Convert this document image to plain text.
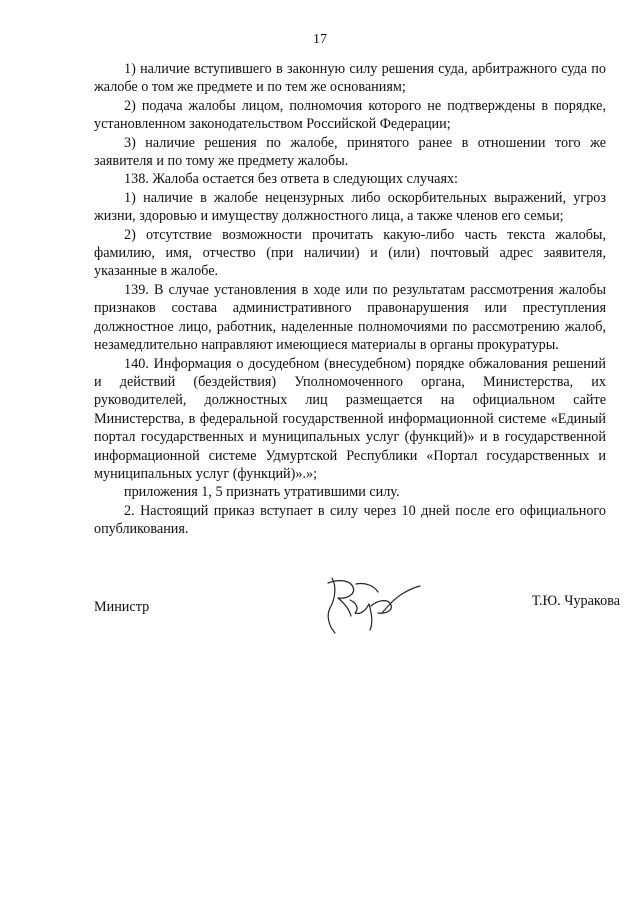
17

1) наличие вступившего в законную силу решения суда, арбитражного суда по жалобе о том же предмете и по тем же основаниям;

2) подача жалобы лицом, полномочия которого не подтверждены в порядке, установленном законодательством Российской Федерации;

3) наличие решения по жалобе, принятого ранее в отношении того же заявителя и по тому же предмету жалобы.

138. Жалоба остается без ответа в следующих случаях:

1) наличие в жалобе нецензурных либо оскорбительных выражений, угроз жизни, здоровью и имуществу должностного лица, а также членов его семьи;

2) отсутствие возможности прочитать какую-либо часть текста жалобы, фамилию, имя, отчество (при наличии) и (или) почтовый адрес заявителя, указанные в жалобе.

139. В случае установления в ходе или по результатам рассмотрения жалобы признаков состава административного правонарушения или преступления должностное лицо, работник, наделенные полномочиями по рассмотрению жалоб, незамедлительно направляют имеющиеся материалы в органы прокуратуры.

140. Информация о досудебном (внесудебном) порядке обжалования решений и действий (бездействия) Уполномоченного органа, Министерства, их руководителей, должностных лиц размещается на официальном сайте Министерства, в федеральной государственной информационной системе «Единый портал государственных и муниципальных услуг (функций)» и в государственной информационной системе Удмуртской Республики «Портал государственных и муниципальных услуг (функций)».»;

приложения 1, 5 признать утратившими силу.

2. Настоящий приказ вступает в силу через 10 дней после его официального опубликования.

Министр	Т.Ю. Чуракова
